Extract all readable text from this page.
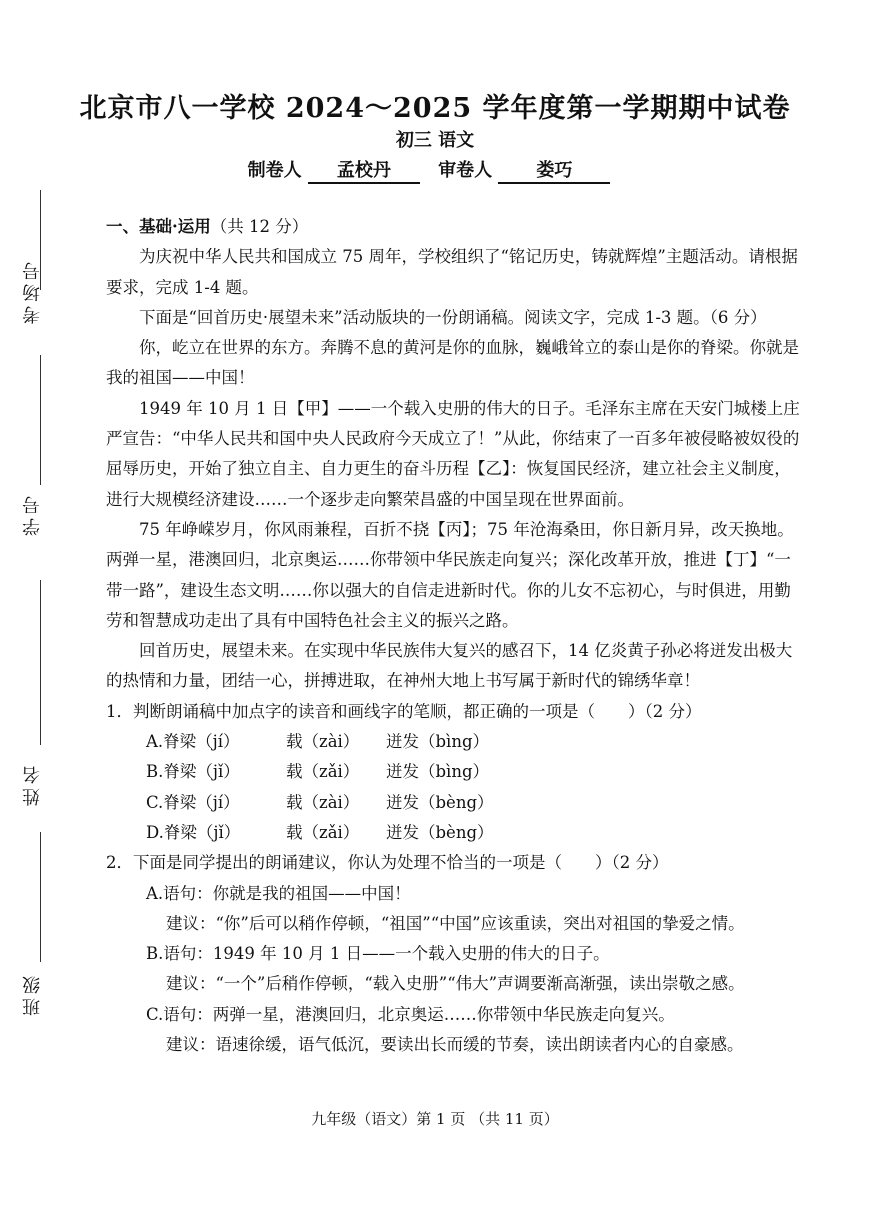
考场号
学号
姓名
班级
北京市八一学校 2024～2025 学年度第一学期期中试卷
初三 语文
制卷人 孟校丹	审卷人 娄巧

一、基础·运用（共 12 分）

为庆祝中华人民共和国成立 75 周年，学校组织了“铭记历史，铸就辉煌”主题活动。请根据要求，完成 1-4 题。

下面是“回首历史·展望未来”活动版块的一份朗诵稿。阅读文字，完成 1-3 题。（6 分）

你，屹立在世界的东方。奔腾不息的黄河是你的血脉，巍峨耸立的泰山是你的脊梁。你就是我的祖国——中国！

1949 年 10 月 1 日【甲】——一个载入史册的伟大的日子。毛泽东主席在天安门城楼上庄严宣告：“中华人民共和国中央人民政府今天成立了！”从此，你结束了一百多年被侵略被奴役的屈辱历史，开始了独立自主、自力更生的奋斗历程【乙】：恢复国民经济，建立社会主义制度，进行大规模经济建设……一个逐步走向繁荣昌盛的中国呈现在世界面前。

75 年峥嵘岁月，你风雨兼程，百折不挠【丙】；75 年沧海桑田，你日新月异，改天换地。两弹一星，港澳回归，北京奥运……你带领中华民族走向复兴；深化改革开放，推进【丁】“一带一路”，建设生态文明……你以强大的自信走进新时代。你的儿女不忘初心，与时俱进，用勤劳和智慧成功走出了具有中国特色社会主义的振兴之路。

回首历史，展望未来。在实现中华民族伟大复兴的感召下，14 亿炎黄子孙必将迸发出极大的热情和力量，团结一心，拼搏进取，在神州大地上书写属于新时代的锦绣华章！

1．判断朗诵稿中加点字的读音和画线字的笔顺，都正确的一项是（　　）（2 分）

A.脊梁（jí）	载（zài） 迸发（bìng）

B.脊梁（jǐ）	载（zǎi） 迸发（bìng）

C.脊梁（jí）	载（zài） 迸发（bèng）

D.脊梁（jǐ）	载（zǎi） 迸发（bèng）

2．下面是同学提出的朗诵建议，你认为处理不恰当的一项是（　　）（2 分）

A.语句：你就是我的祖国——中国！

建议：“你”后可以稍作停顿，“祖国”“中国”应该重读，突出对祖国的挚爱之情。

B.语句：1949 年 10 月 1 日——一个载入史册的伟大的日子。

建议：“一个”后稍作停顿，“载入史册”“伟大”声调要渐高渐强，读出崇敬之感。

C.语句：两弹一星，港澳回归，北京奥运……你带领中华民族走向复兴。

建议：语速徐缓，语气低沉，要读出长而缓的节奏，读出朗读者内心的自豪感。

九年级（语文）第 1 页 （共 11 页）
